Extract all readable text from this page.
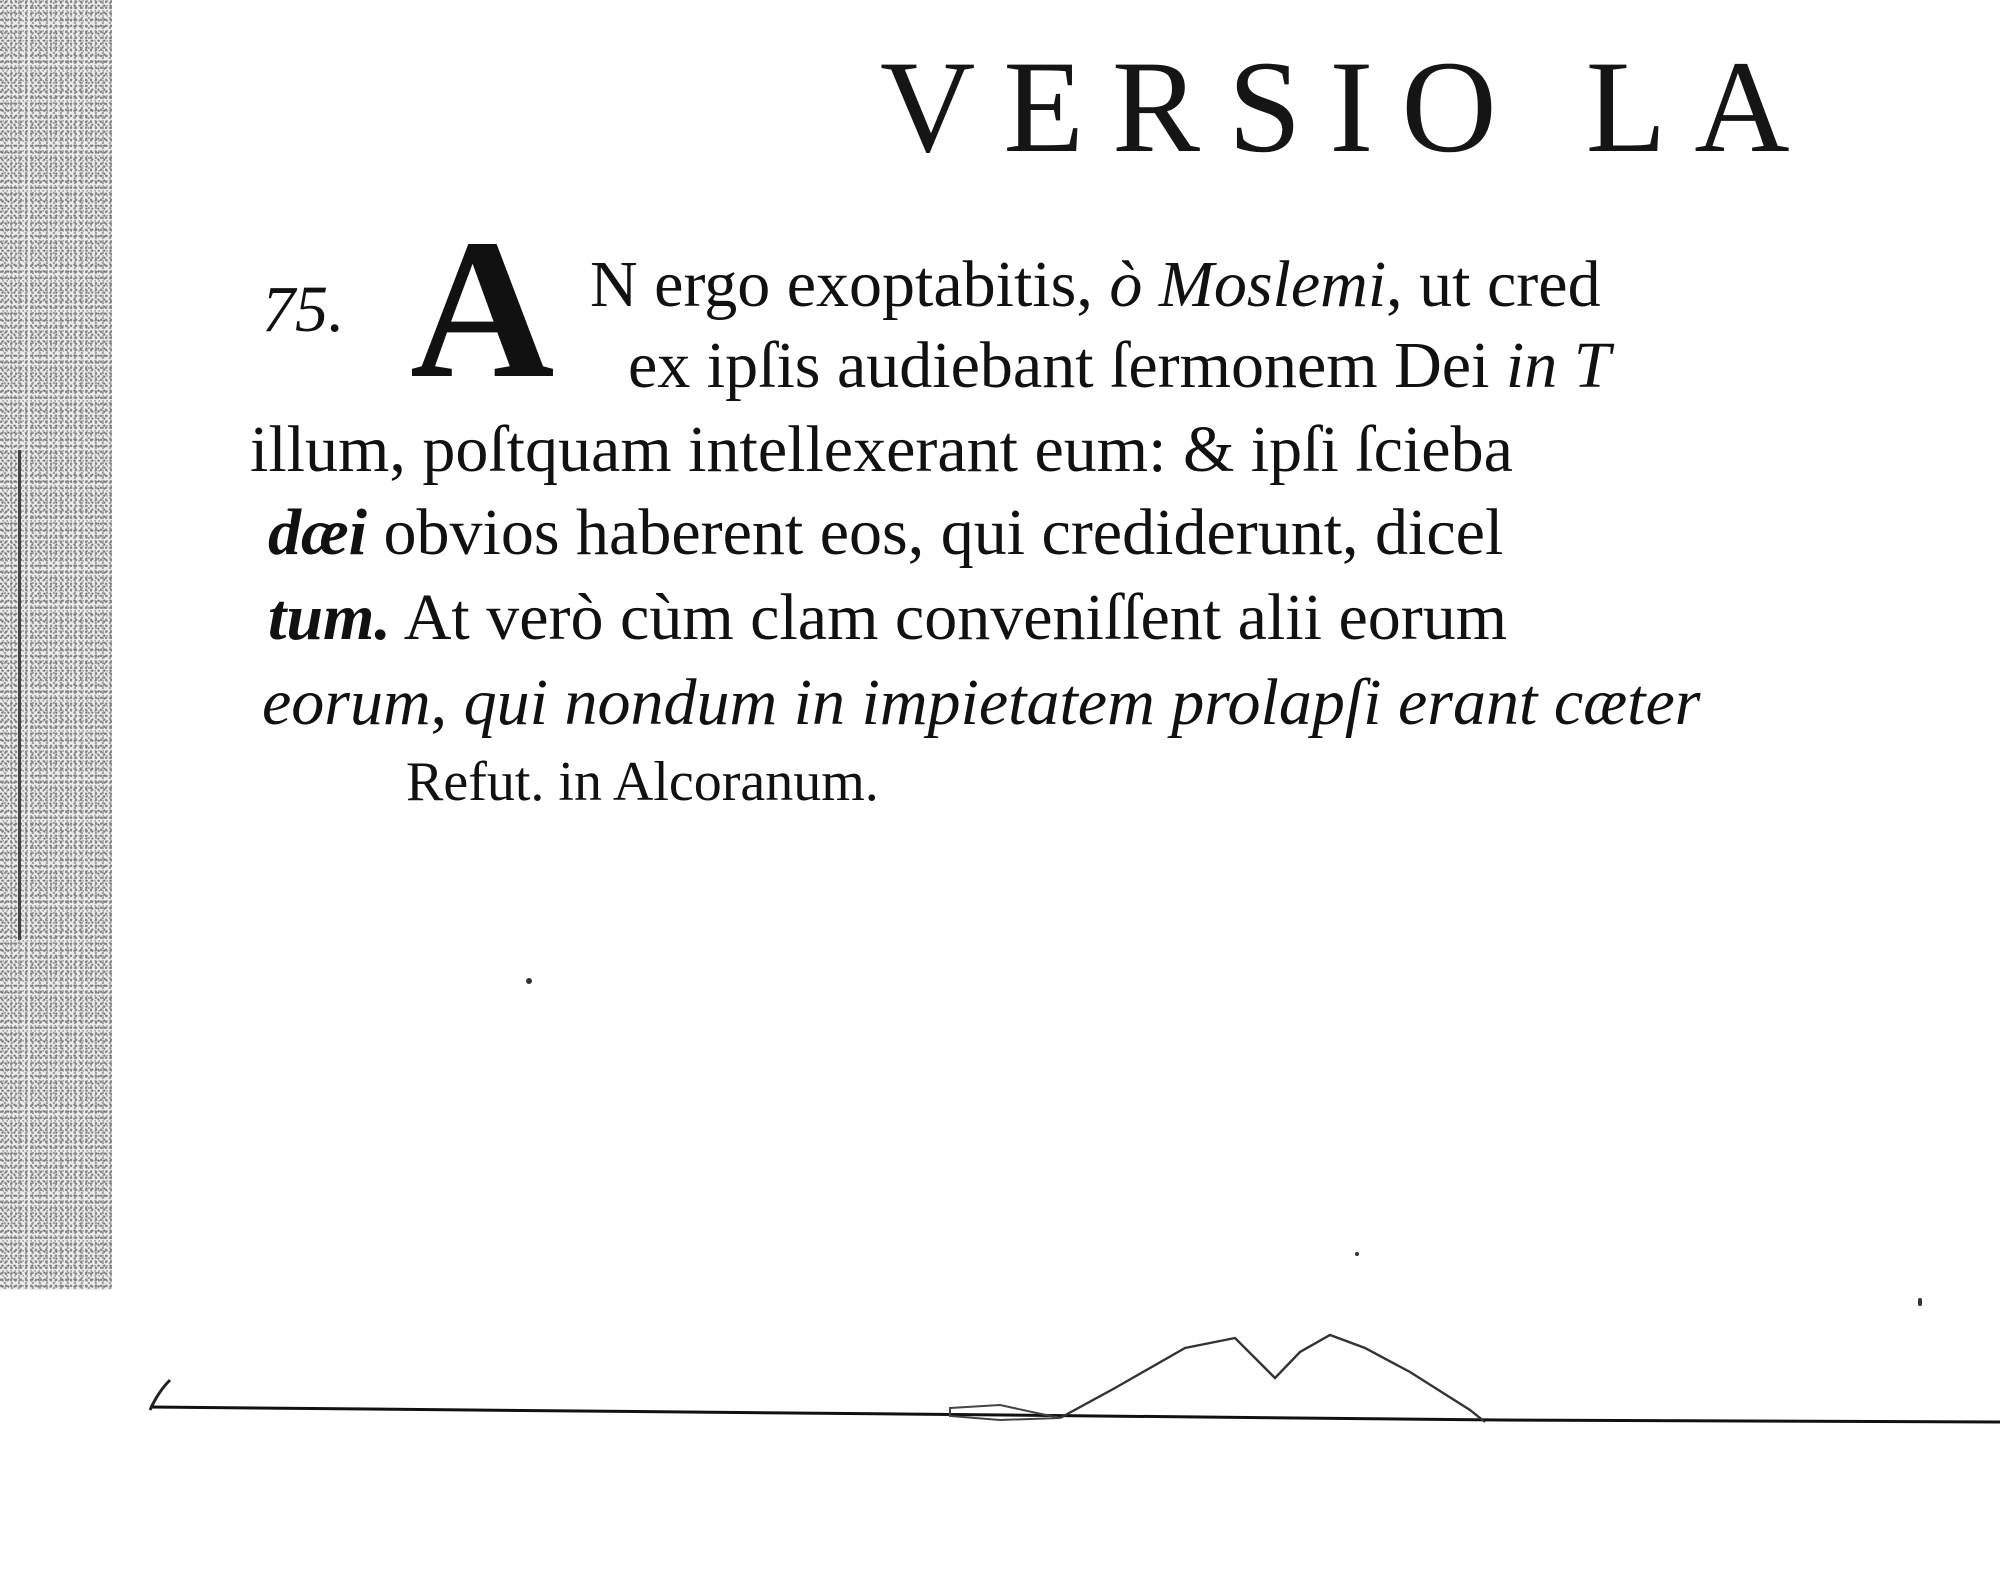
VERSIO LA
75. A N ergo exoptabitis, ò Moslemi, ut cred
ex ipſis audiebant ſermonem Dei in T
illum, poſtquam intellexerant eum: & ipſi ſcieba
dæi obvios haberent eos, qui crediderunt, dicel
tum. At verò cùm clam conveniſſent alii eorum
eorum, qui nondum in impietatem prolapſi erant cæter
Refut. in Alcoranum.
